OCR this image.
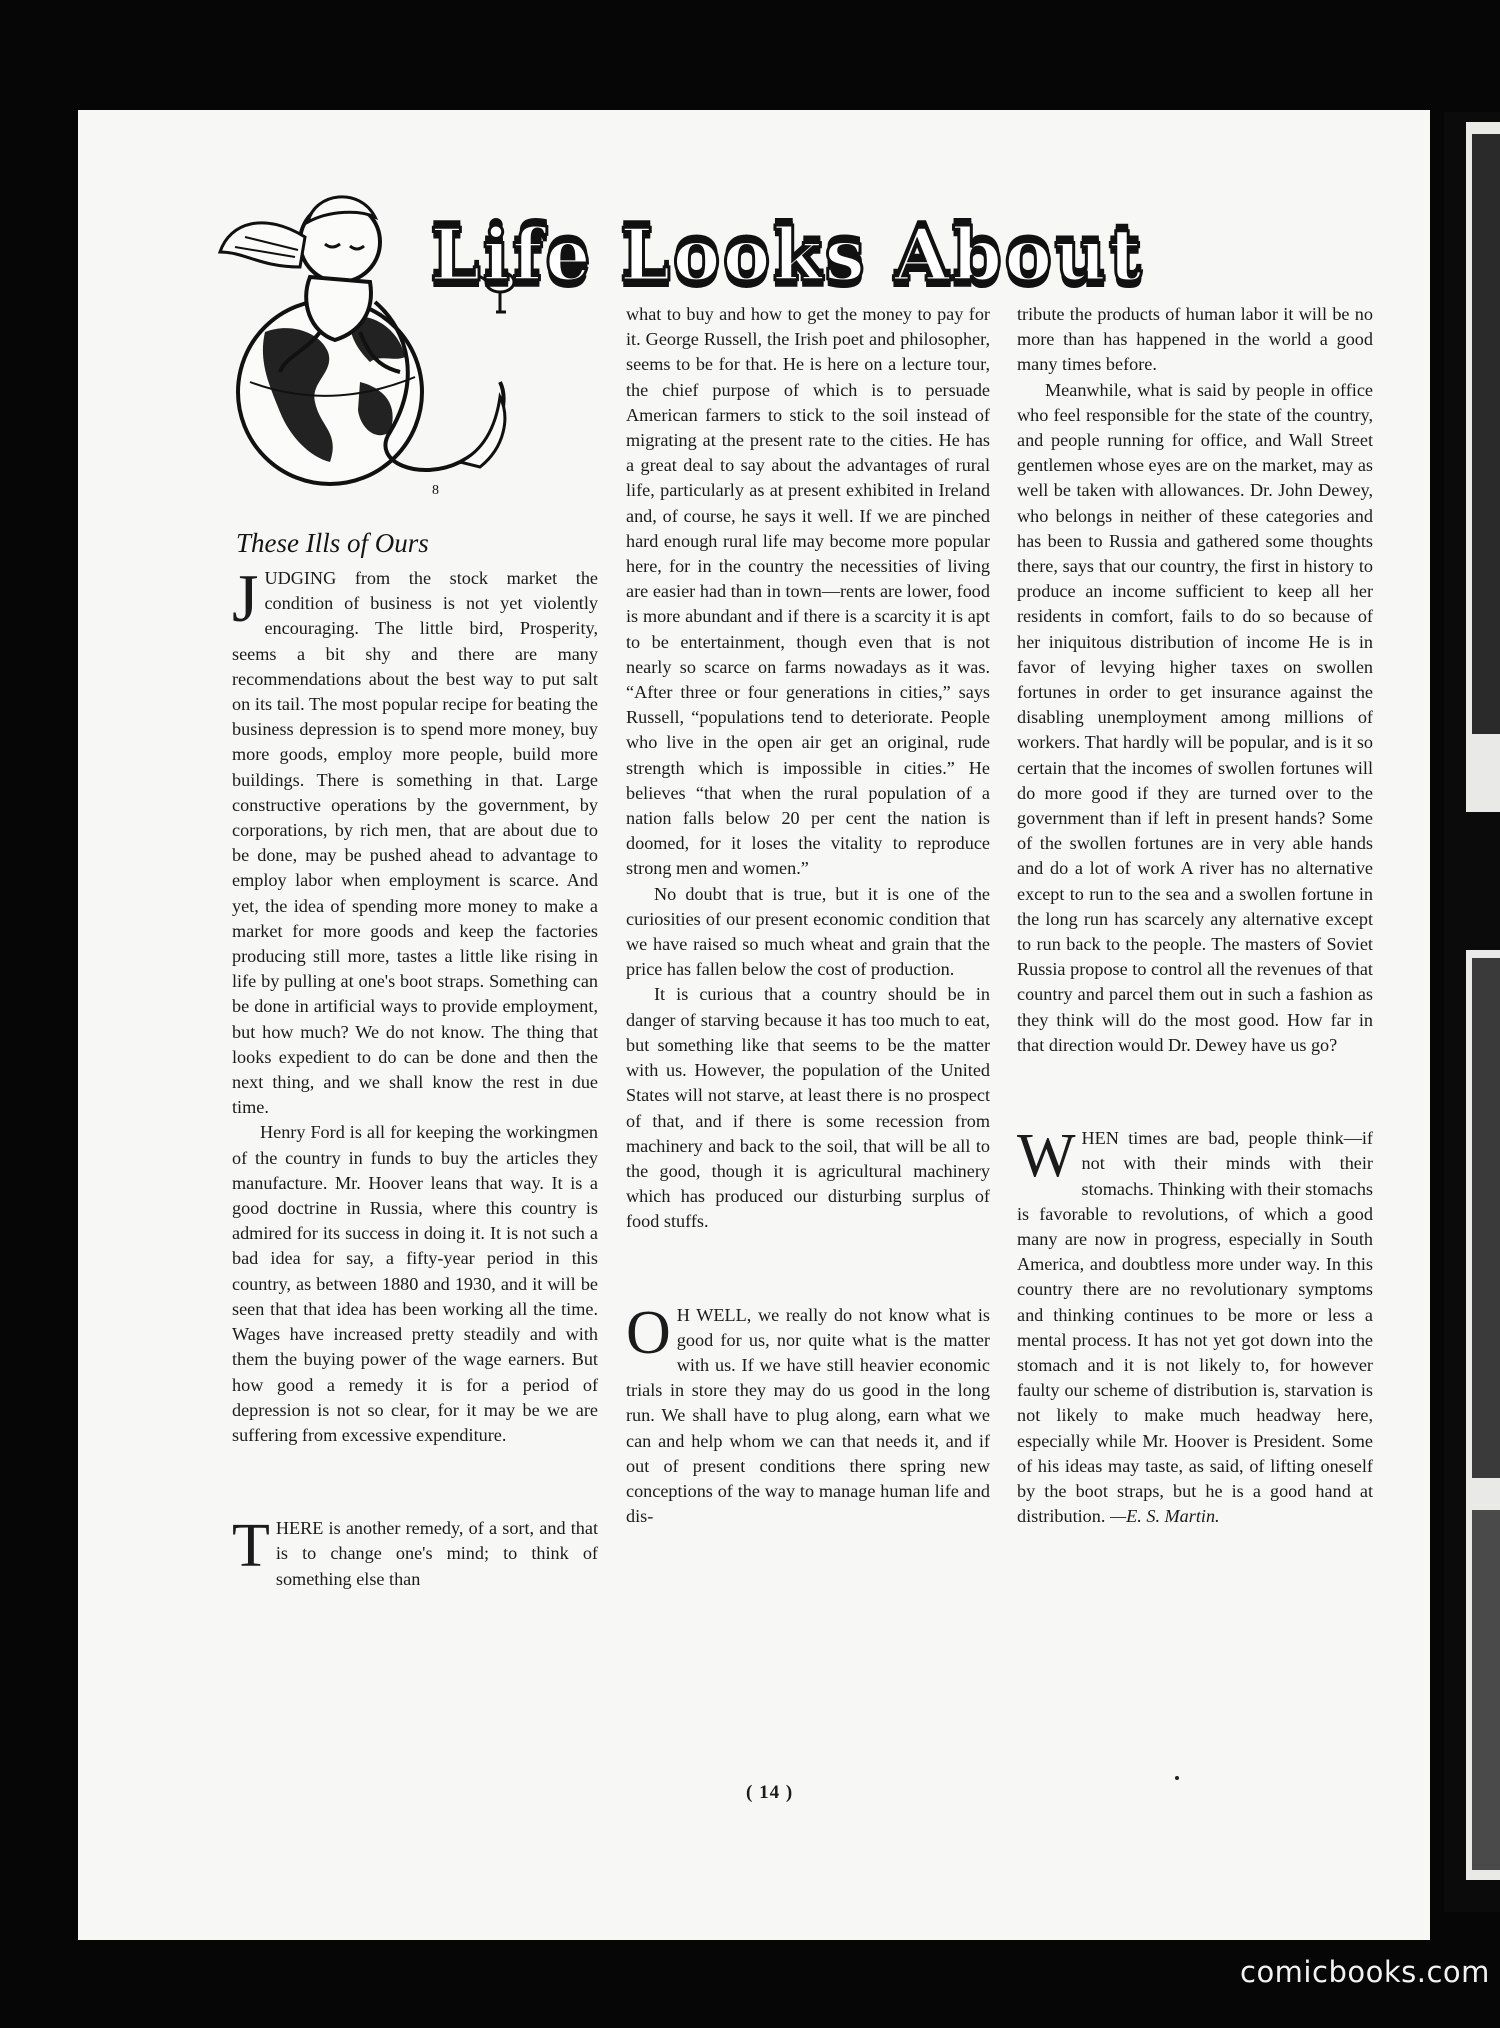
8
Life Looks About
These Ills of Ours

JUDGING from the stock market the condition of business is not yet violently encouraging. The little bird, Prosperity, seems a bit shy and there are many recommendations about the best way to put salt on its tail. The most popular recipe for beating the business depression is to spend more money, buy more goods, employ more people, build more buildings. There is something in that. Large constructive operations by the government, by corporations, by rich men, that are about due to be done, may be pushed ahead to advantage to employ labor when employment is scarce. And yet, the idea of spending more money to make a market for more goods and keep the factories producing still more, tastes a little like rising in life by pulling at one's boot straps. Something can be done in artificial ways to provide employment, but how much? We do not know. The thing that looks expedient to do can be done and then the next thing, and we shall know the rest in due time.

Henry Ford is all for keeping the workingmen of the country in funds to buy the articles they manufacture. Mr. Hoover leans that way. It is a good doctrine in Russia, where this country is admired for its success in doing it. It is not such a bad idea for say, a fifty-year period in this country, as between 1880 and 1930, and it will be seen that that idea has been working all the time. Wages have increased pretty steadily and with them the buying power of the wage earners. But how good a remedy it is for a period of depression is not so clear, for it may be we are suffering from excessive expenditure.

THERE is another remedy, of a sort, and that is to change one's mind; to think of something else than

what to buy and how to get the money to pay for it. George Russell, the Irish poet and philosopher, seems to be for that. He is here on a lecture tour, the chief purpose of which is to persuade American farmers to stick to the soil instead of migrating at the present rate to the cities. He has a great deal to say about the advantages of rural life, particularly as at present exhibited in Ireland and, of course, he says it well. If we are pinched hard enough rural life may become more popular here, for in the country the necessities of living are easier had than in town—rents are lower, food is more abundant and if there is a scarcity it is apt to be entertainment, though even that is not nearly so scarce on farms nowadays as it was. “After three or four generations in cities,” says Russell, “populations tend to deteriorate. People who live in the open air get an original, rude strength which is impossible in cities.” He believes “that when the rural population of a nation falls below 20 per cent the nation is doomed, for it loses the vitality to reproduce strong men and women.”

No doubt that is true, but it is one of the curiosities of our present economic condition that we have raised so much wheat and grain that the price has fallen below the cost of production.

It is curious that a country should be in danger of starving because it has too much to eat, but something like that seems to be the matter with us. However, the population of the United States will not starve, at least there is no prospect of that, and if there is some recession from machinery and back to the soil, that will be all to the good, though it is agricultural machinery which has produced our disturbing surplus of food stuffs.

O H WELL, we really do not know what is good for us, nor quite what is the matter with us. If we have still heavier economic trials in store they may do us good in the long run. We shall have to plug along, earn what we can and help whom we can that needs it, and if out of present conditions there spring new conceptions of the way to manage human life and dis-

tribute the products of human labor it will be no more than has happened in the world a good many times before.

Meanwhile, what is said by people in office who feel responsible for the state of the country, and people running for office, and Wall Street gentlemen whose eyes are on the market, may as well be taken with allowances. Dr. John Dewey, who belongs in neither of these categories and has been to Russia and gathered some thoughts there, says that our country, the first in history to produce an income sufficient to keep all her residents in comfort, fails to do so because of her iniquitous distribution of income He is in favor of levying higher taxes on swollen fortunes in order to get insurance against the disabling unemployment among millions of workers. That hardly will be popular, and is it so certain that the incomes of swollen fortunes will do more good if they are turned over to the government than if left in present hands? Some of the swollen fortunes are in very able hands and do a lot of work A river has no alternative except to run to the sea and a swollen fortune in the long run has scarcely any alternative except to run back to the people. The masters of Soviet Russia propose to control all the revenues of that country and parcel them out in such a fashion as they think will do the most good. How far in that direction would Dr. Dewey have us go?

WHEN times are bad, people think—if not with their minds with their stomachs. Thinking with their stomachs is favorable to revolutions, of which a good many are now in progress, especially in South America, and doubtless more under way. In this country there are no revolutionary symptoms and thinking continues to be more or less a mental process. It has not yet got down into the stomach and it is not likely to, for however faulty our scheme of distribution is, starvation is not likely to make much headway here, especially while Mr. Hoover is President. Some of his ideas may taste, as said, of lifting oneself by the boot straps, but he is a good hand at distribution. —E. S. Martin.

( 14 )
comicbooks.com
